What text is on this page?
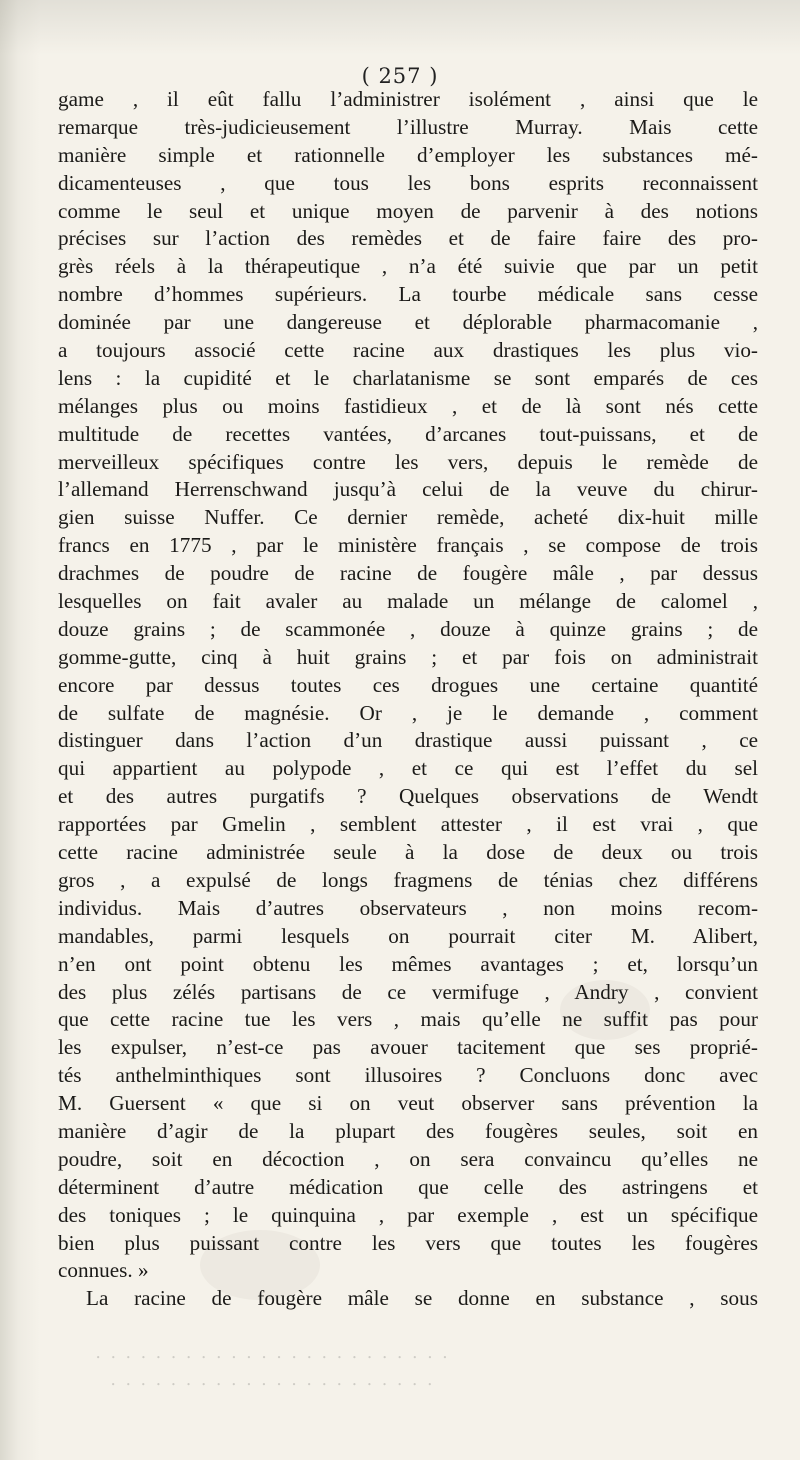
( 257 )
game , il eût fallu l’administrer isolément , ainsi que le
remarque très-judicieusement l’illustre Murray. Mais cette
manière simple et rationnelle d’employer les substances mé-
dicamenteuses , que tous les bons esprits reconnaissent
comme le seul et unique moyen de parvenir à des notions
précises sur l’action des remèdes et de faire faire des pro-
grès réels à la thérapeutique , n’a été suivie que par un petit
nombre d’hommes supérieurs. La tourbe médicale sans cesse
dominée par une dangereuse et déplorable pharmacomanie ,
a toujours associé cette racine aux drastiques les plus vio-
lens : la cupidité et le charlatanisme se sont emparés de ces
mélanges plus ou moins fastidieux , et de là sont nés cette
multitude de recettes vantées, d’arcanes tout-puissans, et de
merveilleux spécifiques contre les vers, depuis le remède de
l’allemand Herrenschwand jusqu’à celui de la veuve du chirur-
gien suisse Nuffer. Ce dernier remède, acheté dix-huit mille
francs en 1775 , par le ministère français , se compose de trois
drachmes de poudre de racine de fougère mâle , par dessus
lesquelles on fait avaler au malade un mélange de calomel ,
douze grains ; de scammonée , douze à quinze grains ; de
gomme-gutte, cinq à huit grains ; et par fois on administrait
encore par dessus toutes ces drogues une certaine quantité
de sulfate de magnésie. Or , je le demande , comment
distinguer dans l’action d’un drastique aussi puissant , ce
qui appartient au polypode , et ce qui est l’effet du sel
et des autres purgatifs ? Quelques observations de Wendt
rapportées par Gmelin , semblent attester , il est vrai , que
cette racine administrée seule à la dose de deux ou trois
gros , a expulsé de longs fragmens de ténias chez différens
individus. Mais d’autres observateurs , non moins recom-
mandables, parmi lesquels on pourrait citer M. Alibert,
n’en ont point obtenu les mêmes avantages ; et, lorsqu’un
des plus zélés partisans de ce vermifuge , Andry , convient
que cette racine tue les vers , mais qu’elle ne suffit pas pour
les expulser, n’est-ce pas avouer tacitement que ses proprié-
tés anthelminthiques sont illusoires ? Concluons donc avec
M. Guersent « que si on veut observer sans prévention la
manière d’agir de la plupart des fougères seules, soit en
poudre, soit en décoction , on sera convaincu qu’elles ne
déterminent d’autre médication que celle des astringens et
des toniques ; le quinquina , par exemple , est un spécifique
bien plus puissant contre les vers que toutes les fougères
connues. »
La racine de fougère mâle se donne en substance , sous
· · · · · · · · · · · · · · · · · · · · · · · ·
· · · · · · · · · · · · · · · · · · · · · ·
